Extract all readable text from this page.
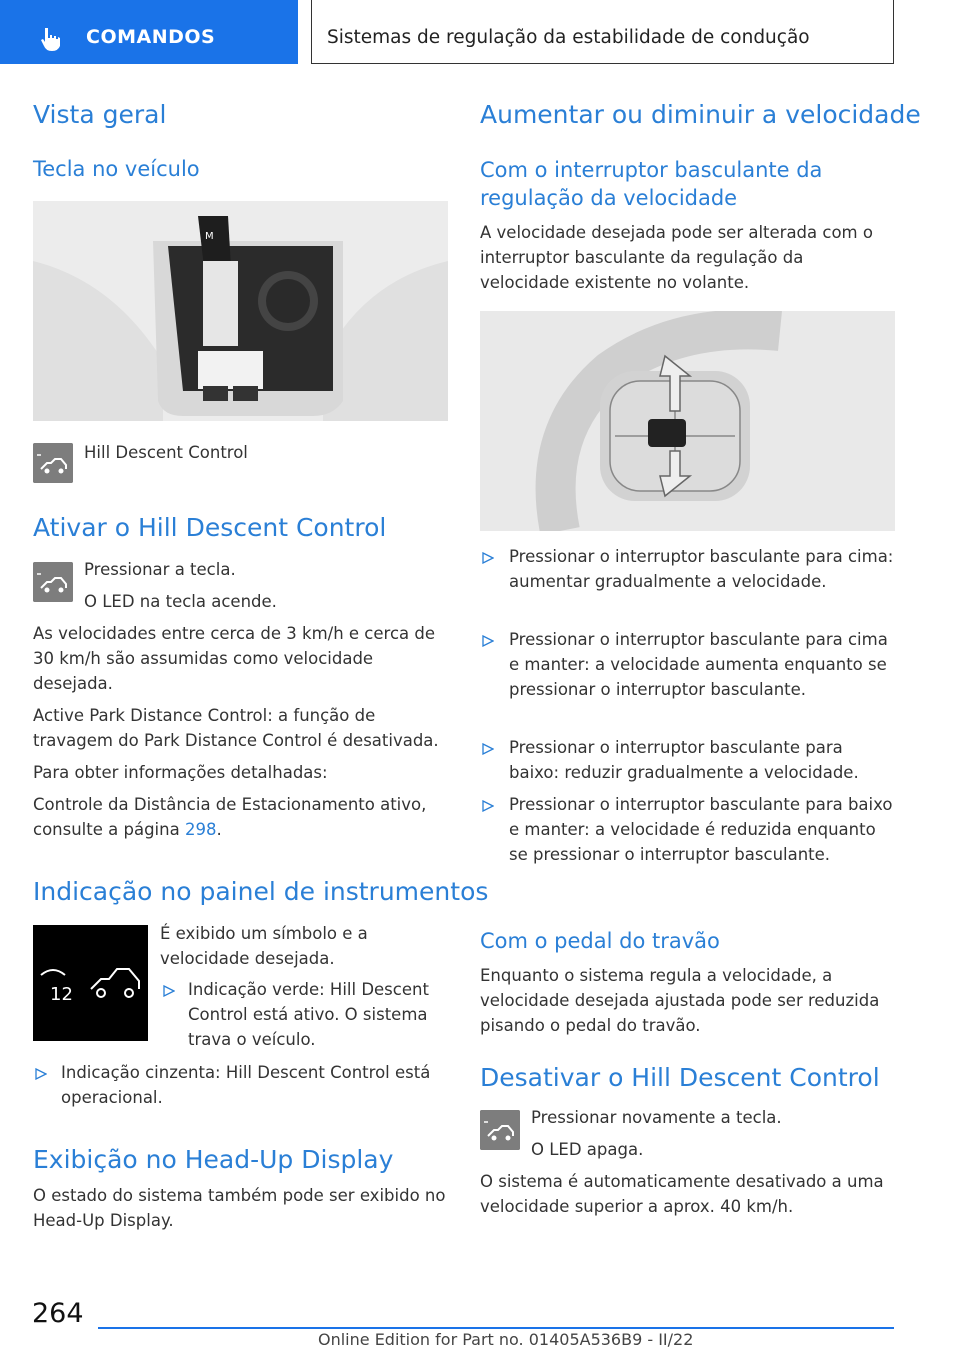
COMANDOS	Sistemas de regulação da estabilidade de condução
Vista geral
Tecla no veículo
M
Hill Descent Control
Ativar o Hill Descent Control
Pressionar a tecla.
O LED na tecla acende.
As velocidades entre cerca de 3 km/h e cerca de 30 km/h são assumidas como velocidade desejada.
Active Park Distance Control: a função de travagem do Park Distance Control é desativada.
Para obter informações detalhadas:
Controle da Distância de Estacionamento ativo, consulte a página 298.
Indicação no painel de instrumentos
12
É exibido um símbolo e a velocidade desejada.
Indicação verde: Hill Descent Control está ativo. O sistema trava o veículo.
Indicação cinzenta: Hill Descent Control está operacional.
Exibição no Head-Up Display
O estado do sistema também pode ser exibido no Head-Up Display.
Aumentar ou diminuir a velocidade
Com o interruptor basculante da regulação da velocidade
A velocidade desejada pode ser alterada com o interruptor basculante da regulação da velocidade existente no volante.
Pressionar o interruptor basculante para cima: aumentar gradualmente a velocidade.
Pressionar o interruptor basculante para cima e manter: a velocidade aumenta enquanto se pressionar o interruptor basculante.
Pressionar o interruptor basculante para baixo: reduzir gradualmente a velocidade.
Pressionar o interruptor basculante para baixo e manter: a velocidade é reduzida enquanto se pressionar o interruptor basculante.
Com o pedal do travão
Enquanto o sistema regula a velocidade, a velocidade desejada ajustada pode ser reduzida pisando o pedal do travão.
Desativar o Hill Descent Control
Pressionar novamente a tecla.
O LED apaga.
O sistema é automaticamente desativado a uma velocidade superior a aprox. 40 km/h.
264
Online Edition for Part no. 01405A536B9 - II/22
